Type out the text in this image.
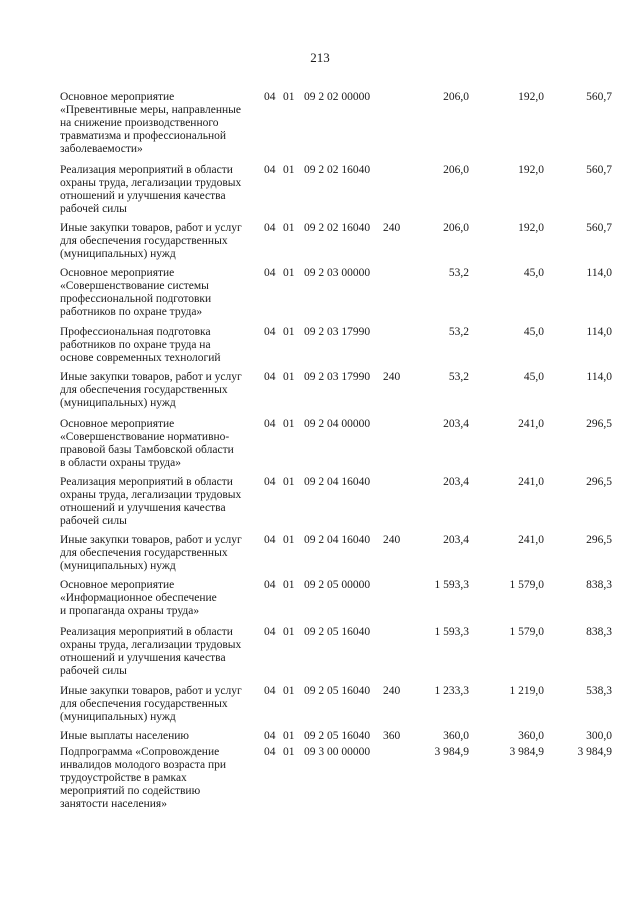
213
Основное мероприятие
«Превентивные меры, направленные
на снижение производственного
травматизма и профессиональной
заболеваемости»
04 01 09 2 02 00000	206,0	192,0	560,7
Реализация мероприятий в области
охраны труда, легализации трудовых
отношений и улучшения качества
рабочей силы
04 01 09 2 02 16040	206,0	192,0	560,7
Иные закупки товаров, работ и услуг
для обеспечения государственных
(муниципальных) нужд
04 01 09 2 02 16040 240	206,0	192,0	560,7
Основное мероприятие
«Совершенствование системы
профессиональной подготовки
работников по охране труда»
04 01 09 2 03 00000	53,2	45,0	114,0
Профессиональная подготовка
работников по охране труда на
основе современных технологий
04 01 09 2 03 17990	53,2	45,0	114,0
Иные закупки товаров, работ и услуг
для обеспечения государственных
(муниципальных) нужд
04 01 09 2 03 17990 240	53,2	45,0	114,0
Основное мероприятие
«Совершенствование нормативно-
правовой базы Тамбовской области
в области охраны труда»
04 01 09 2 04 00000	203,4	241,0	296,5
Реализация мероприятий в области
охраны труда, легализации трудовых
отношений и улучшения качества
рабочей силы
04 01 09 2 04 16040	203,4	241,0	296,5
Иные закупки товаров, работ и услуг
для обеспечения государственных
(муниципальных) нужд
04 01 09 2 04 16040 240	203,4	241,0	296,5
Основное мероприятие
«Информационное обеспечение
и пропаганда охраны труда»
04 01 09 2 05 00000	1 593,3	1 579,0	838,3
Реализация мероприятий в области
охраны труда, легализации трудовых
отношений и улучшения качества
рабочей силы
04 01 09 2 05 16040	1 593,3	1 579,0	838,3
Иные закупки товаров, работ и услуг
для обеспечения государственных
(муниципальных) нужд
04 01 09 2 05 16040 240	1 233,3	1 219,0	538,3
Иные выплаты населению	04 01 09 2 05 16040 360	360,0	360,0	300,0
Подпрограмма «Сопровождение
инвалидов молодого возраста при
трудоустройстве в рамках
мероприятий по содействию
занятости населения»
04 01 09 3 00 00000	3 984,9	3 984,9	3 984,9
